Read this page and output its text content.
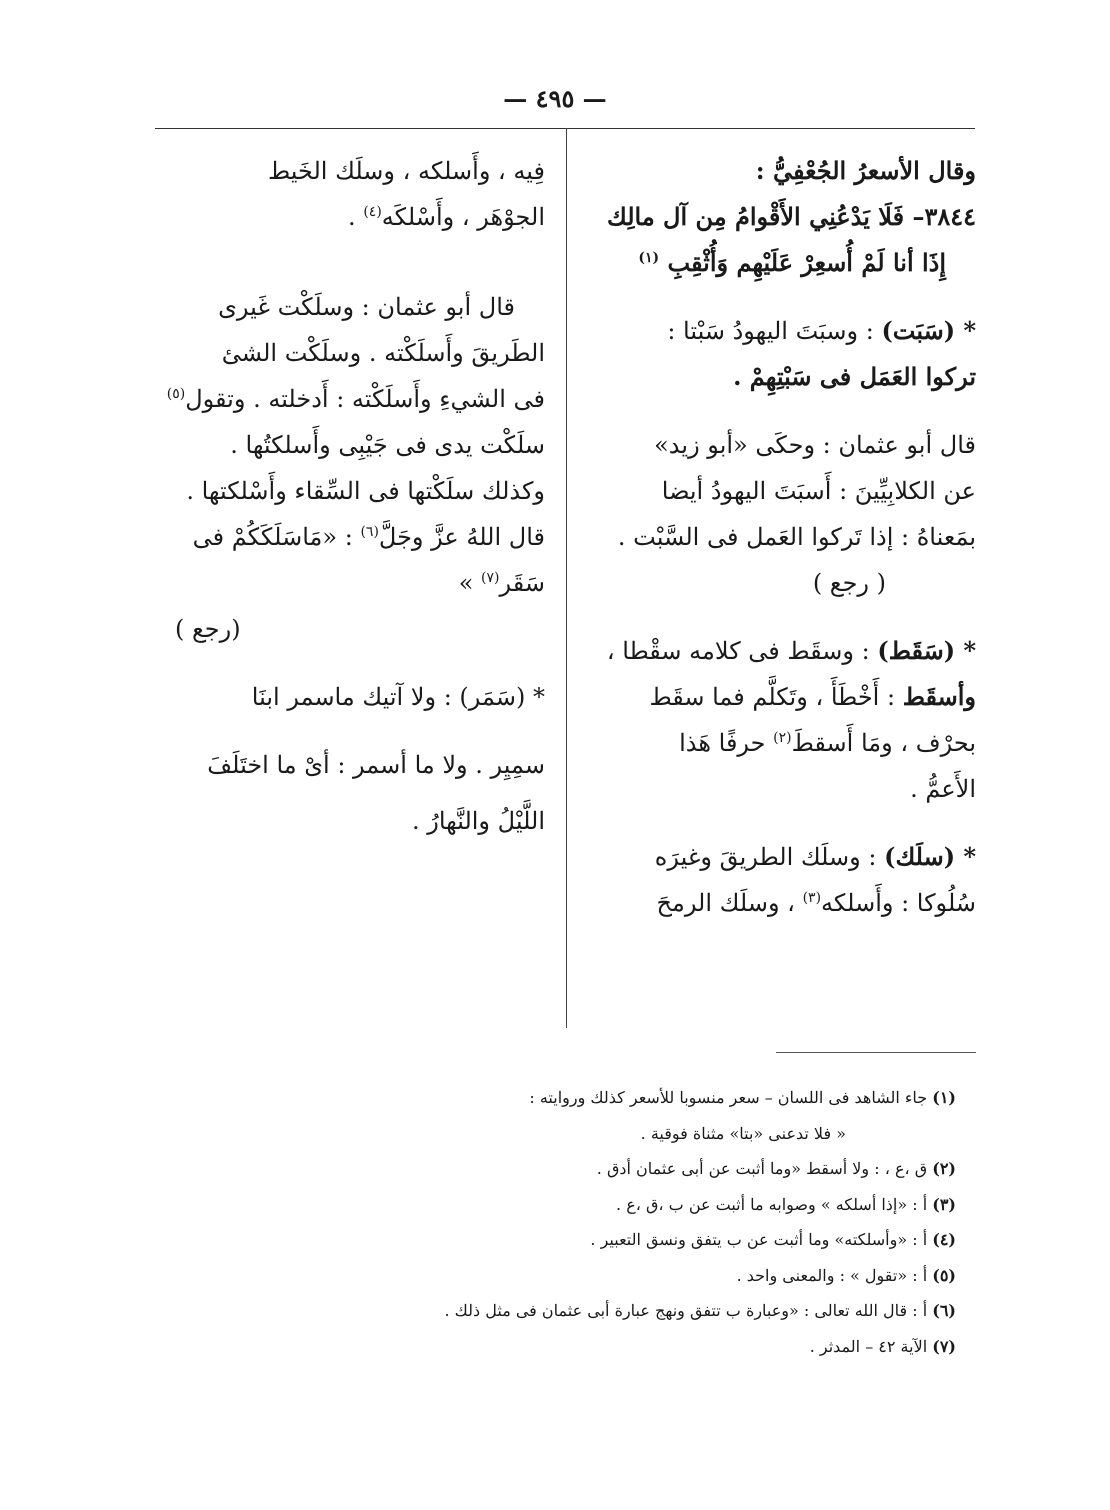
— ٤٩٥ —

وقال الأسعرُ الجُعْفِيُّ :

٣٨٤٤– فَلَا يَدْعُنِي الأَقْوامُ مِن آل مالِك

إِذَا أنا لَمْ أُسعِرْ عَلَيْهِم وَأُثْقِبِ $^{(١)}$

* (سَبَت) : وسبَتَ اليهودُ سَبْتا :

تركوا العَمَل فى سَبْتِهِمْ .

قال أبو عثمان : وحكَى «أبو زيد»

عن الكلابِيِّينَ : أَسبَتَ اليهودُ أيضا

بمَعناهُ : إذا تَركوا العَمل فى السَّبْت .

( رجع )

* (سَقَط) : وسقَط فى كلامه سقْطا ،

وأسقَط : أَخْطَأَ ، وتَكلَّم فما سقَط

بحرْف ، ومَا أَسقطَ$^{(٢)}$ حرفًا هَذا

الأَعمُّ .

* (سلَك) : وسلَك الطريقَ وغيرَه

سُلُوكا : وأَسلكه$^{(٣)}$ ، وسلَك الرمحَ

فِيه ، وأَسلكه ، وسلَك الخَيط

الجوْهَر ، وأَسْلكَه$^{(٤)}$ .

قال أبو عثمان : وسلَكْت غَيرى

الطَريقَ وأَسلَكْته . وسلَكْت الشئ

فى الشيءِ وأَسلَكْته : أَدخلته . وتقول$^{(٥)}$

سلَكْت يدى فى جَيْبِى وأَسلكتُها .

وكذلك سلَكْتها فى السِّقاء وأَسْلكتها .

قال اللهُ عزَّ وجَلَّ$^{(٦)}$ : «مَاسَلَكَكُمْ فى

سَقَر$^{(٧)}$ »

(رجع )

* (سَمَر) : ولا آتيك ماسمر ابنَا

سمِيِر . ولا ما أسمر : أىْ ما اختَلَفَ

اللَّيْلُ والنَّهارُ .

(١) جاء الشاهد فى اللسان – سعر منسوبا للأسعر كذلك وروايته :
« فلا تدعنى «بتا» مثناة فوقية .
(٢) ق ،ع ، : ولا أسقط «وما أثبت عن أبى عثمان أدق .
(٣) أ : «إذا أسلكه » وصوابه ما أثبت عن ب ،ق ،ع .
(٤) أ : «وأسلكته» وما أثبت عن ب يتفق ونسق التعبير .
(٥) أ : «تقول » : والمعنى واحد .
(٦) أ : قال الله تعالى : «وعبارة ب تتفق ونهج عبارة أبى عثمان فى مثل ذلك .
(٧) الآية ٤٢ – المدثر .
